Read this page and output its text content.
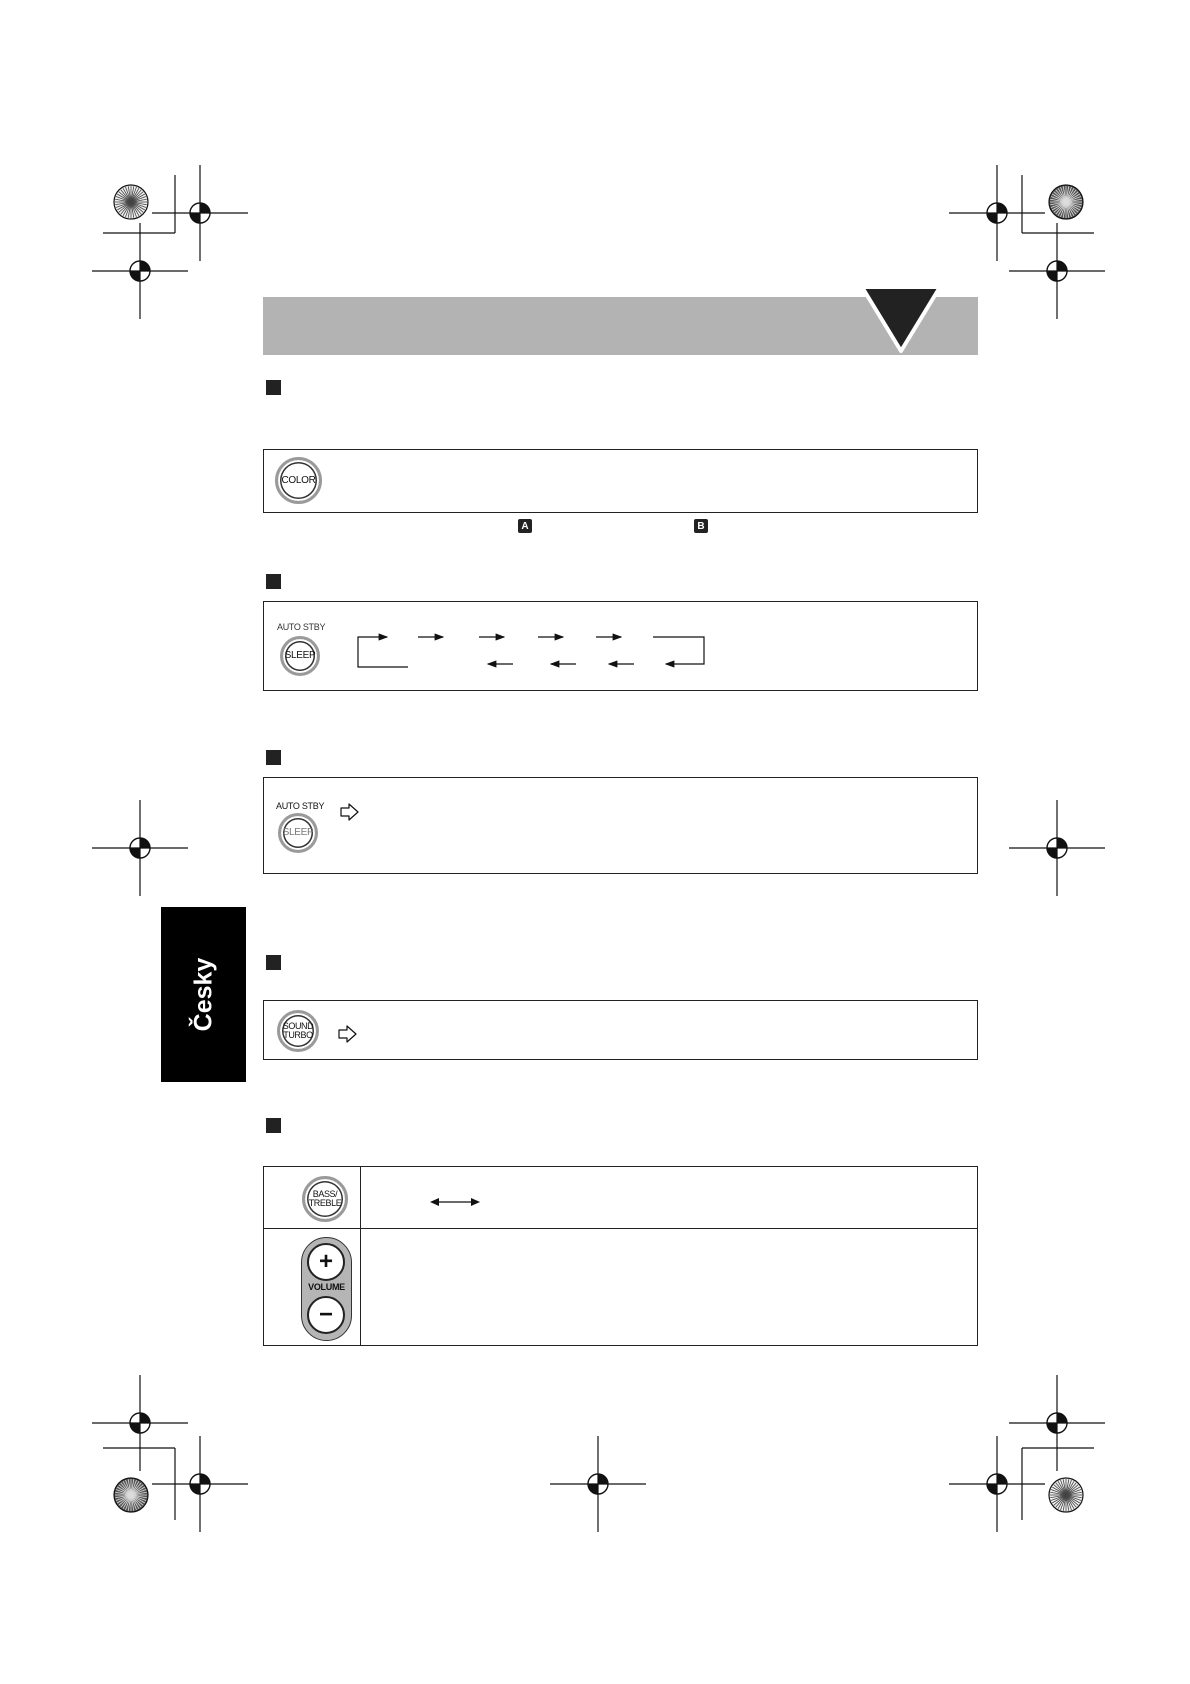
COLOR
A	B
AUTO STBY
SLEEP
AUTO STBY
SLEEP
Česky	SOUND TURBO
BASS/ TREBLE
+
VOLUME
−
